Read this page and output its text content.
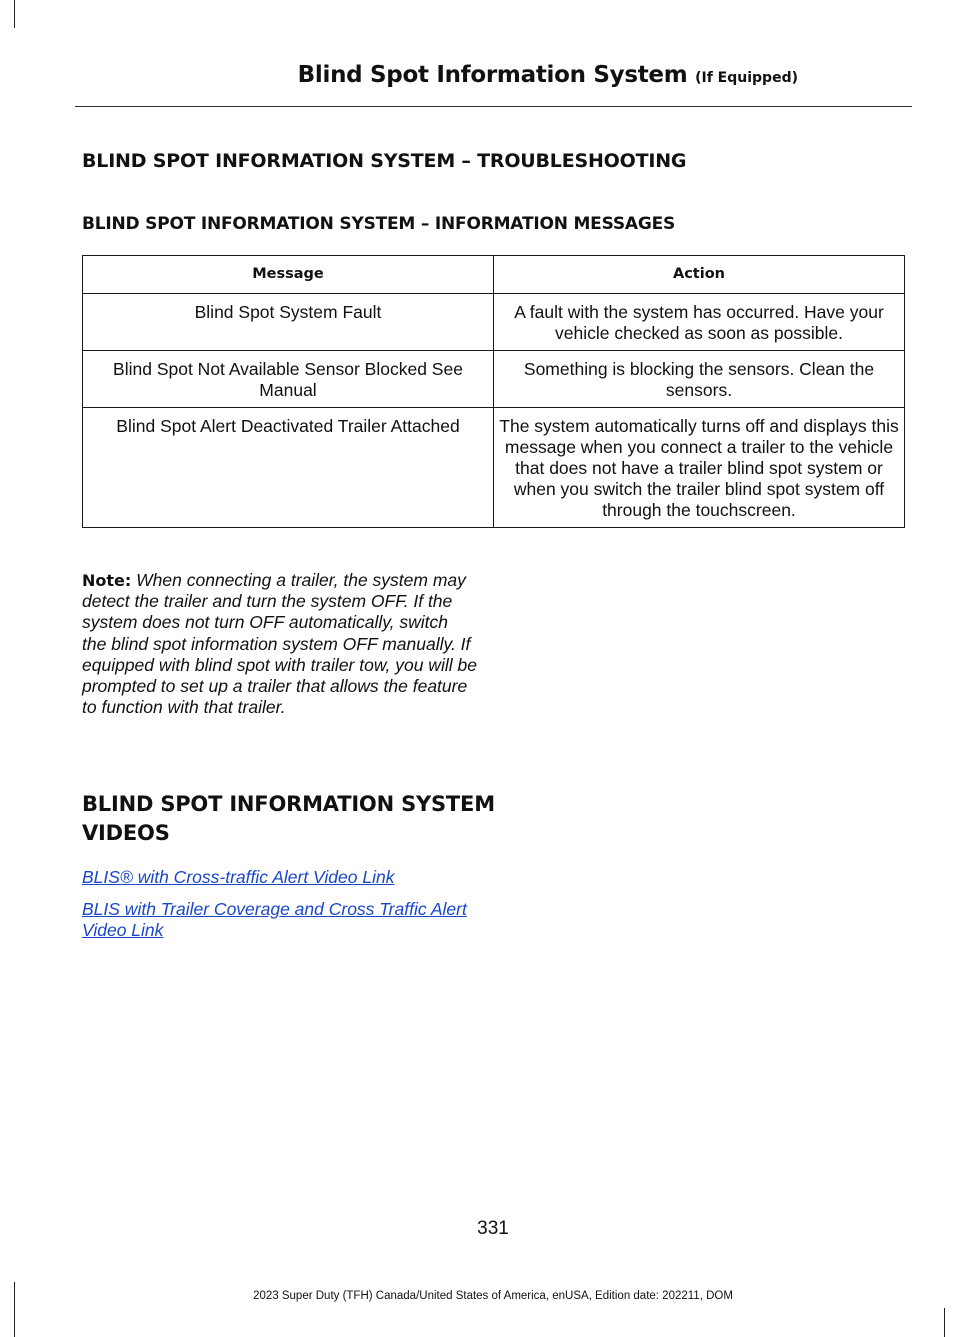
Blind Spot Information System (If Equipped)
BLIND SPOT INFORMATION SYSTEM – TROUBLESHOOTING
BLIND SPOT INFORMATION SYSTEM – INFORMATION MESSAGES
Message	Action
Blind Spot System Fault	A fault with the system has occurred. Have your vehicle checked as soon as possible.
Blind Spot Not Available Sensor Blocked See Manual	Something is blocking the sensors. Clean the sensors.
Blind Spot Alert Deactivated Trailer Attached	The system automatically turns off and displays this message when you connect a trailer to the vehicle that does not have a trailer blind spot system or when you switch the trailer blind spot system off through the touchscreen.
Note: When connecting a trailer, the system may detect the trailer and turn the system OFF. If the system does not turn OFF automatically, switch the blind spot information system OFF manually. If equipped with blind spot with trailer tow, you will be prompted to set up a trailer that allows the feature to function with that trailer.
BLIND SPOT INFORMATION SYSTEM VIDEOS
BLIS® with Cross-traffic Alert Video Link
BLIS with Trailer Coverage and Cross Traffic Alert Video Link
331
2023 Super Duty (TFH) Canada/United States of America, enUSA, Edition date: 202211, DOM
